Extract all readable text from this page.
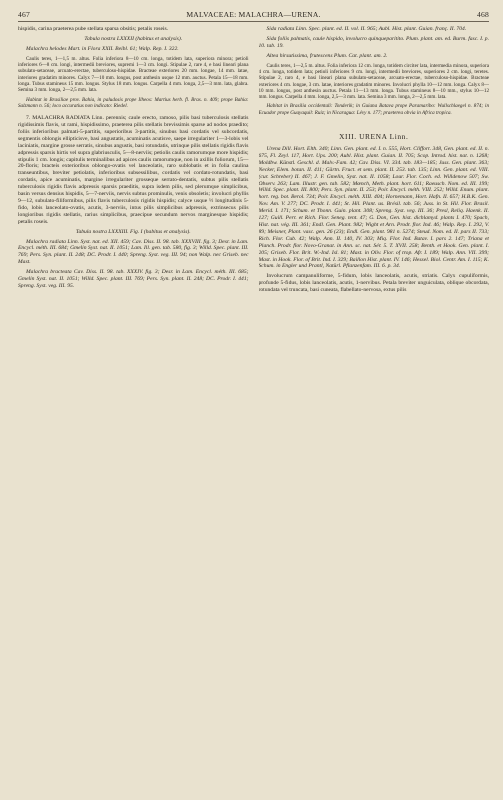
467	MALVACEAE: MALACHRA—URENA.	468

hispidis, carina praeterea pube stellata sparsa obsitis; petalis roseis.

Tabula nostra LXXXII (habitus et analysis).

Malachra helodes Mart. in Flora XXII. Beibl. 61; Walp. Rep. I. 322.

Caulis teres, 1—1,5 m. altus. Folia inferiora 8—10 cm. longa, totidem lata, superiora minora; petioli inferiores 6—8 cm. longi, intermedii breviores, supremi 1—3 cm. longi. Stipulae 2, rare 4, e basi lineari plana subulato-setaceae, arcuato-erectae, tuberculoso-hispidae. Bracteae exteriores 20 mm. longae, 14 mm. latae, interiores gradatim minores. Calyx 7—10 mm. longus, post anthesin usque 12 mm. auctus. Petala 15—18 mm. longa. Tubus stamineus 15 mm. longus. Stylus 18 mm. longus. Carpella 4 mm. longa, 2,5—3 mm. lata, glabra. Semina 3 mm. longa, 2—2,5 mm. lata.

Habitat in Brasiliae prov. Bahia, in paludosis prope Ilheos: Martius herb. fl. Bras. n. 409; prope Bahia: Salzmann n. 56; loco accuratius non indicato: Riedel.

7. MALACHRA RADIATA Linn. perennis; caule erecto, ramoso, pilis basi tuberculosis stellatis rigidissimis flavis, ut rami, hispidissimo, praeterea pilis stellatis brevissimis sparse ad nodos praedito; foliis inferioribus palmati-5-partitis, superioribus 3-partitis, sinubus basi cordatis vel subcordatis, segmentis oblongis ellipticisve, basi angustatis, acuminatis acutisve, saepe irregulariter 1—3-lobis vel laciniatis, margine grosse serratis, sinubus angustis, basi rotundatis, utrinque pilis stellatis rigidis flavis adpressis sparsis hirtis vel supra glabriusculis, 5—8-nerviis; petiolis caulis ramorumque more hispidis; stipulis 1 cm. longis; capitulis terminalibus ad apices caulis ramorumque, non in axillis foliorum, 15—20-floris; bracteis exterioribus oblongo-ovatis vel lanceolatis, raro sublobatis et in folia caulina transeuntibus, breviter petiolatis, inferioribus subsessilibus, cordatis vel cordato-rotundatis, basi cordatis, apice acuminatis, margine irregulariter grosseque serrato-dentatis, subtus pilis stellatis tuberculosis rigidis flavis adpressis sparsis praeditis, supra isdem pilis, sed plerumque simplicibus, basin versus densius hispidis, 5—7-nerviis, nervis subtus prominulis, venis obsoletis; involucri phyllis 9—12, subulato-filiformibus, pilis flavis tuberculosis rigidis hispidis; calyce usque ½ longitudinis 5-fido, lobis lanceolato-ovatis, acutis, 3-nerviis, intus pilis simplicibus adpressis, extrinsecus pilis longioribus rigidis stellatis, rarius simplicibus, praecipue secundum nervos marginesque hispidis; petalis roseis.

Tabula nostra LXXXIII. Fig. I (habitus et analysis).

Malachra radiata Linn. Syst. nat. ed. XII. 459; Cav. Diss. II. 98. tab. XXXVIII. fig. 3; Desr. in Lam. Encycl. méth. III. 684; Gmelin Syst. nat. II. 1051; Lam. Ill. gen. tab. 580, fig. 3; Willd. Spec. plant. III. 769; Pers. Syn. plant. II. 248; DC. Prodr. I. 440; Spreng. Syst. veg. III. 94; non Walp. nec Griseb. nec Mast.

Malachra bracteata Cav. Diss. II. 98. tab. XXXIV. fig. 3; Desr. in Lam. Encycl. méth. III. 685; Gmelin Syst. nat. II. 1051; Willd. Spec. plant. III. 769; Pers. Syn. plant. II. 248; DC. Prodr. I. 441; Spreng. Syst. veg. III. 95.

Sida radiata Linn. Spec. plant. ed. II. vol. II. 965; Aubl. Hist. plant. Guian. franç. II. 704.

Sida foliis palmatis, caule hispido, involucro quinqueparitito. Plum. plant. am. ed. Burm. fasc. I. p. 10. tab. 19.

Altea hirsutissima, frutescens Plum. Cat. plant. am. 2.

Caulis teres, 1—2,5 m. altus. Folia inferiora 12 cm. longa, totidem circiter lata, intermedia minora, superiora 4 cm. longa, totidem lata; petioli inferiores 9 cm. longi, intermedii breviores, superiores 2 cm. longi, teretes. Stipulae 2, raro 4, e basi lineari plana subulato-setaceae, arcuato-erectae, tuberculoso-hispidae. Bracteae exteriores 4 cm. longae, 3 cm. latae, interiores gradatim minores. Involucri phylla 10—12 mm. longa. Calyx 8—10 mm. longus, post anthesin auctus. Petala 11—13 mm. longa. Tubus stamineus 8—10 mm., stylus 10—12 mm. longus. Carpella 4 mm. longa, 2,5—3 mm. lata. Semina 3 mm. longa, 2—2,5 mm. lata.

Habitat in Brasilia occidentali: Tonderik; in Guiana Batava prope Paramaribo: Wullschlaegel n. 874; in Ecuador prope Guayaquil: Ruiz; in Nicaragua: Lévy n. 177; praeterea obvia in Africa tropica.

XIII. URENA Linn.

Urena Dill. Hort. Elth. 340; Linn. Gen. plant. ed. I. n. 555, Hort. Cliffort. 348, Gen. plant. ed. II. n. 675, Fl. Zeyl. 117, Hort. Ups. 200; Aubl. Hist. plant. Guian. II. 705; Scop. Introd. hist. nat. n. 1268; Moldbw. Künstl. Geschl. d. Malv.-Fam. 42; Cav. Diss. VI. 334. tab. 183—185; Juss. Gen. plant. 363; Necker, Elem. botan. II. 411; Gärtn. Fruct. et sem. plant. II. 253. tab. 135; Linn. Gen. plant. ed. VIII. (cur. Schreber) II. 467; J. F. Gmelin, Syst. nat. II. 1058; Lour. Flor. Coch. ed. Willdenow 507; Sw. Observ. 263; Lam. Illustr. gen. tab. 582; Mœnch, Meth. plant. hort. 611; Raeusch. Nom. ed. III. 199; Willd. Spec. plant. III. 800; Pers. Syn. plant. II. 253; Poir. Encycl. méth. VIII. 252; Willd. Enum. plant. hort. reg. bot. Berol. 734; Poir. Encycl. méth. XIII. 404; Hornemann, Hort. Hafn. II. 657; H.B.K. Gen. Nov. Am. V. 277; DC. Prodr. I. 441; St. Hil. Plant. us. Brésil. tab. 56; Juss. in St. Hil. Flor. Brasil. Merid. I. 171; Schum. et Thonn. Guin. plant. 308; Spreng. Syst. veg. III. 36; Presl, Reliq. Haenk. II. 127; Guill. Perr. et Rich. Flor. Seneg. tent. 47; G. Don, Gen. hist. dichlamyd. plants I. 470; Spach, Hist. nat. vég. III. 361; Endl. Gen. Plant. 982; Wight et Arn. Prodr. flor. Ind. 46; Walp. Rep. I. 292, V. 89; Meisner, Plant. vasc. gen. 26 (23); Endl. Gen. plant. 981 n. 5274; Steud. Nom. ed. II. pars II. 733; Rich. Flor. Cub. 42; Walp. Ann. II. 140, IV. 303; Miq. Flor. Ind. Batav. I. pars 2. 147; Triana et Planch. Prodr. flor. Novo-Granat. in Ann. sc. nat. Sér. 5. T. XVII. 258; Benth. et Hook. Gen. plant. I. 205; Griseb. Flor. Brit. W.-Ind. Isl. 81; Mast. in Oliv. Flor. of trop. Afr. I. 189; Walp. Ann. VII. 399; Mast. in Hook. Flor. of Brit. Ind. I. 329; Baillon Hist. plant. IV. 146; Hessel. Biol. Centr. Am. I. 115; K. Schum. in Engler und Prantl, Natürl. Pflanzenfam. III. 6. p. 34.

Involucrum campanuliforme, 5-fidum, lobis lanceolatis, acutis, striatis. Calyx cupuliformis, profunde 5-fidus, lobis lanceolatis, acutis, 1-nervibus. Petala breviter unguiculata, oblique obcordata, rotundata vel truncata, basi cuneata, flabellato-nervosa, extus pilis
